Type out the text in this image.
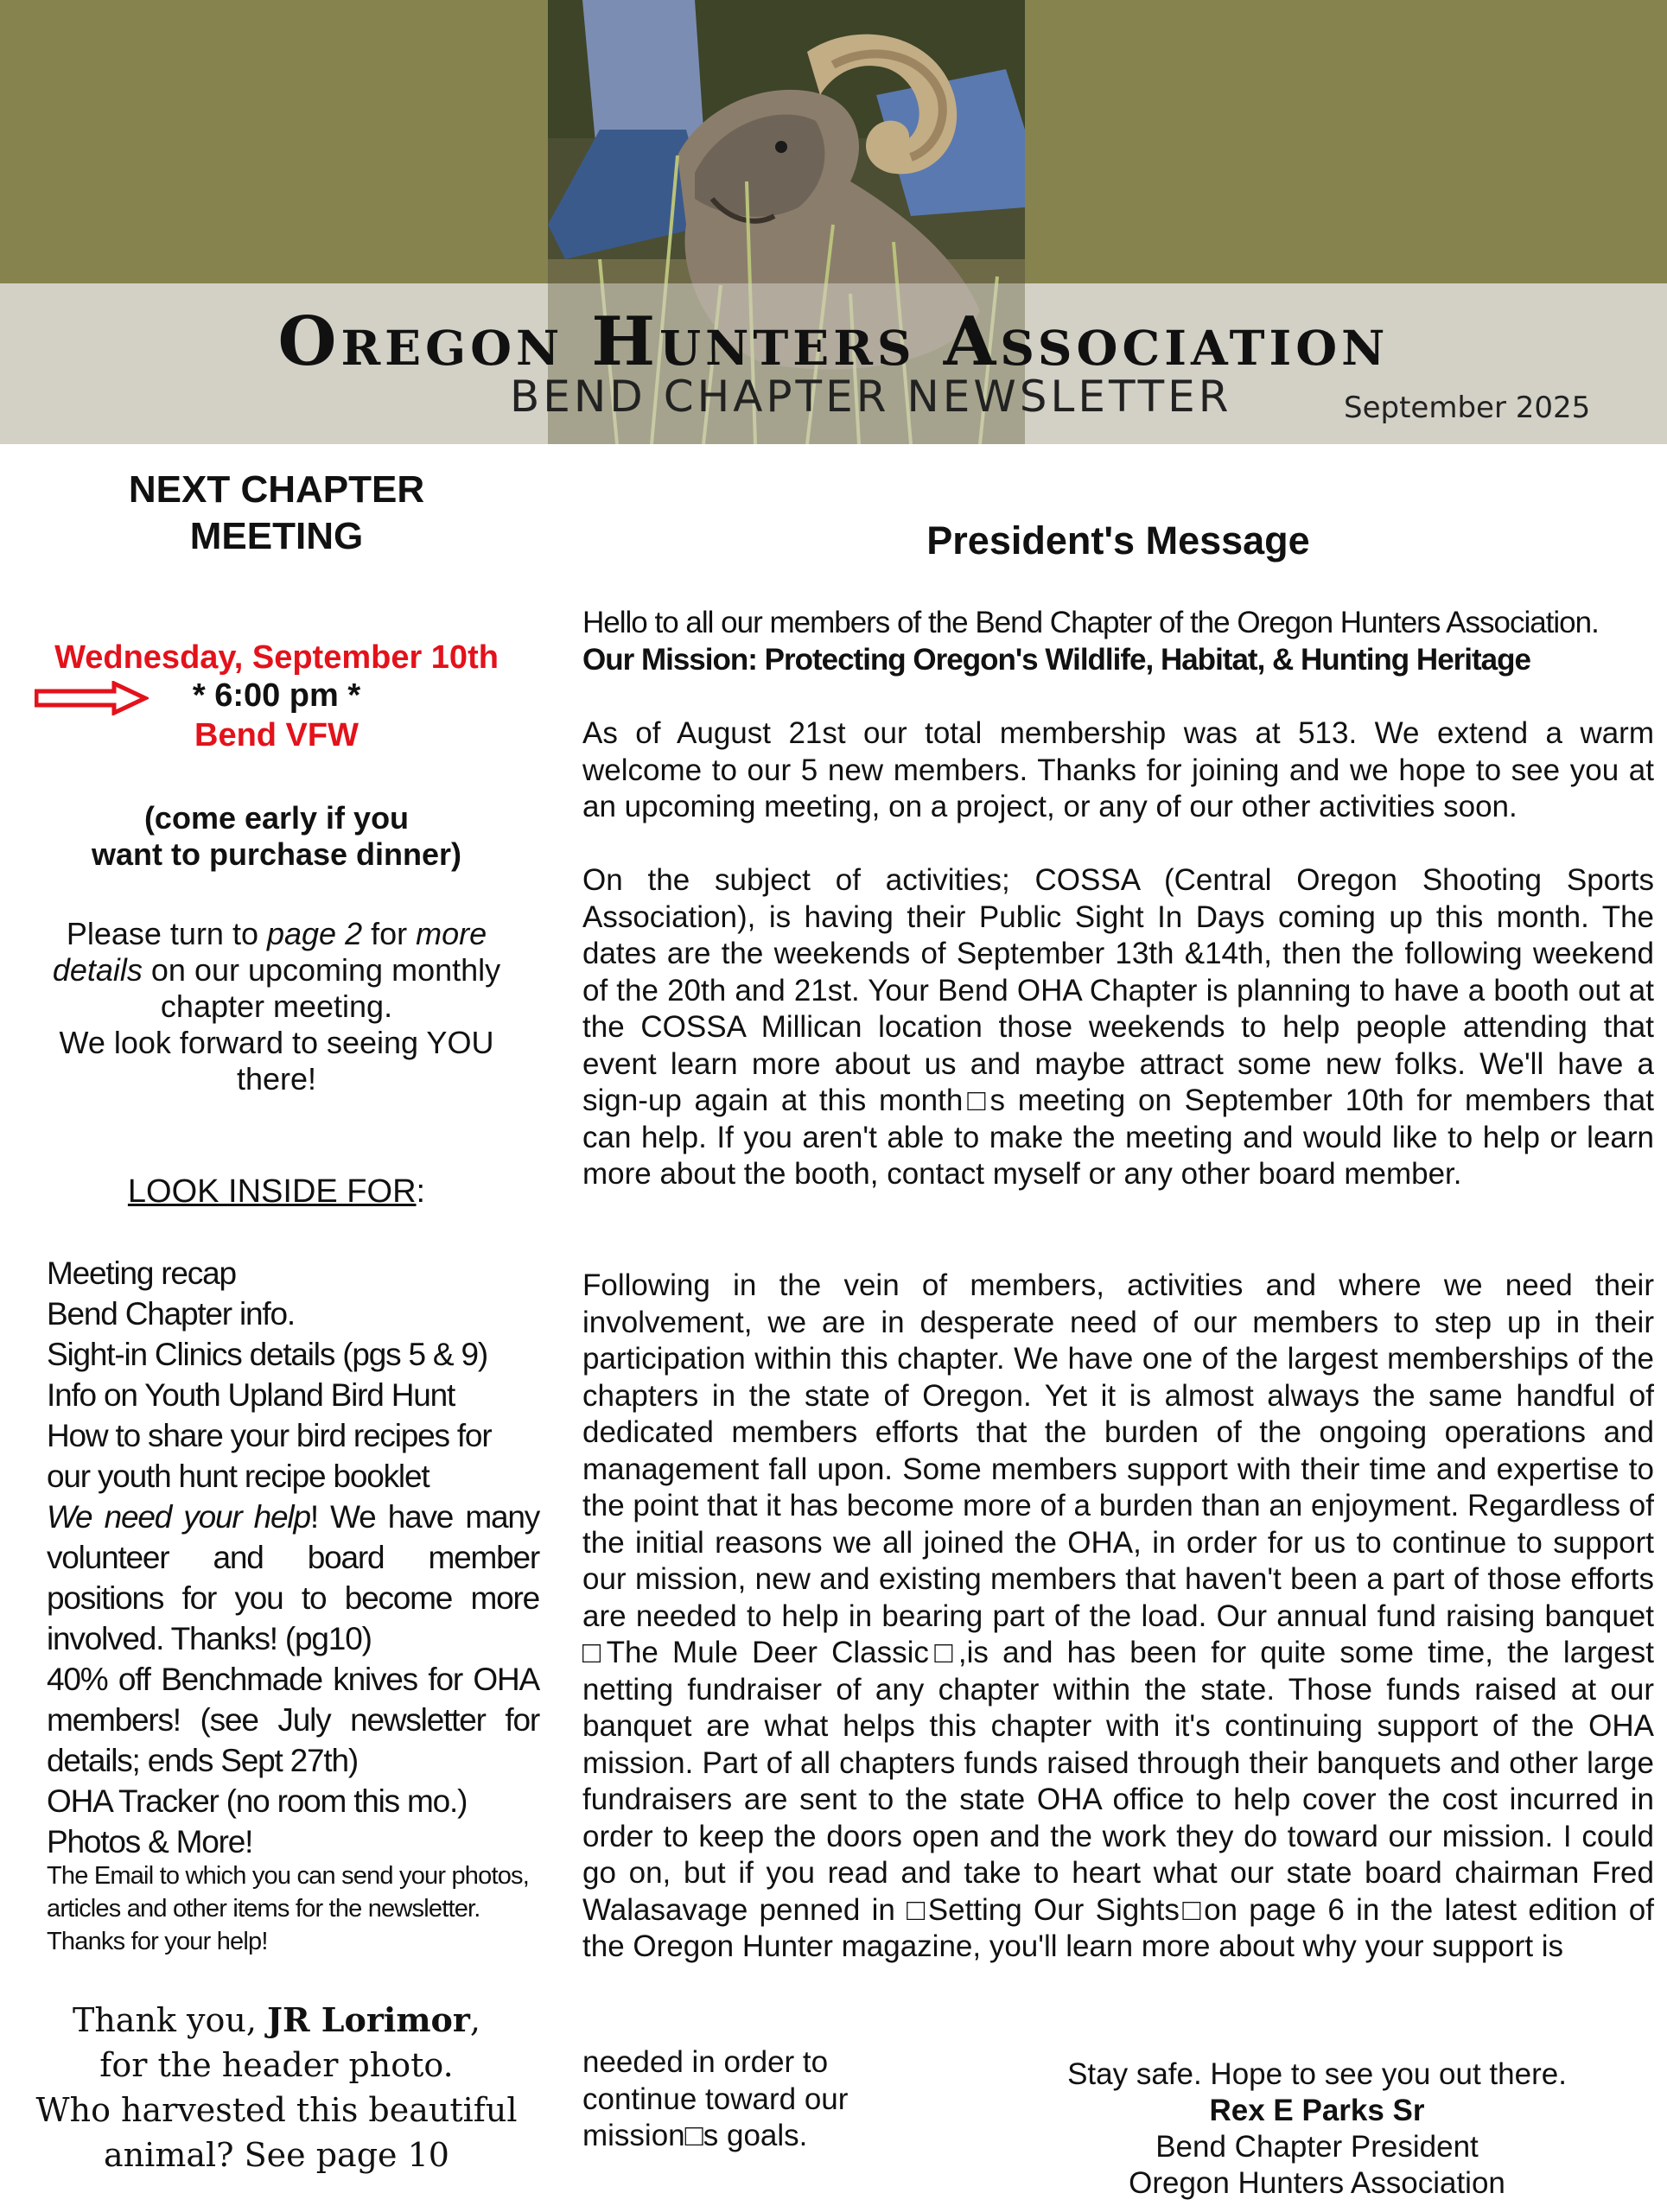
Oregon Hunters Association
BEND CHAPTER NEWSLETTER	September 2025
NEXT CHAPTER
MEETING
Wednesday, September 10th
* 6:00 pm *
Bend VFW
(come early if you
want to purchase dinner)
Please turn to page 2 for more
details on our upcoming monthly chapter meeting.
We look forward to seeing YOU there!
LOOK INSIDE FOR:
Meeting recap
Bend Chapter info.
Sight-in Clinics details (pgs 5 & 9)
Info on Youth Upland Bird Hunt
How to share your bird recipes for our youth hunt recipe booklet
We need your help! We have many volunteer and board member positions for you to become more involved. Thanks! (pg10)
40% off Benchmade knives for OHA members! (see July newsletter for details; ends Sept 27th)
OHA Tracker (no room this mo.)
Photos & More!
The Email to which you can send your photos, articles and other items for the newsletter. Thanks for your help!
Thank you, JR Lorimor,
for the header photo.
Who harvested this beautiful
animal? See page 10
President's Message

Hello to all our members of the Bend Chapter of the Oregon Hunters Association.
Our Mission: Protecting Oregon's Wildlife, Habitat, & Hunting Heritage

As of August 21st our total membership was at 513. We extend a warm welcome to our 5 new members. Thanks for joining and we hope to see you at an upcoming meeting, on a project, or any of our other activities soon.

On the subject of activities; COSSA (Central Oregon Shooting Sports Association), is having their Public Sight In Days coming up this month. The dates are the weekends of September 13th &14th, then the following weekend of the 20th and 21st. Your Bend OHA Chapter is planning to have a booth out at the COSSA Millican location those weekends to help people attending that event learn more about us and maybe attract some new folks. We'll have a sign-up again at this month□s meeting on September 10th for members that can help. If you aren't able to make the meeting and would like to help or learn more about the booth, contact myself or any other board member.

Following in the vein of members, activities and where we need their involvement, we are in desperate need of our members to step up in their participation within this chapter. We have one of the largest memberships of the chapters in the state of Oregon. Yet it is almost always the same handful of dedicated members efforts that the burden of the ongoing operations and management fall upon. Some members support with their time and expertise to the point that it has become more of a burden than an enjoyment. Regardless of the initial reasons we all joined the OHA, in order for us to continue to support our mission, new and existing members that haven't been a part of those efforts are needed to help in bearing part of the load. Our annual fund raising banquet □The Mule Deer Classic□,is and has been for quite some time, the largest netting fundraiser of any chapter within the state. Those funds raised at our banquet are what helps this chapter with it's continuing support of the OHA mission. Part of all chapters funds raised through their banquets and other large fundraisers are sent to the state OHA office to help cover the cost incurred in order to keep the doors open and the work they do toward our mission. I could go on, but if you read and take to heart what our state board chairman Fred Walasavage penned in □Setting Our Sights□on page 6 in the latest edition of the Oregon Hunter magazine, you'll learn more about why your support is

needed in order to continue toward our mission□s goals.

Stay safe. Hope to see you out there.
Rex E Parks Sr
Bend Chapter President
Oregon Hunters Association
